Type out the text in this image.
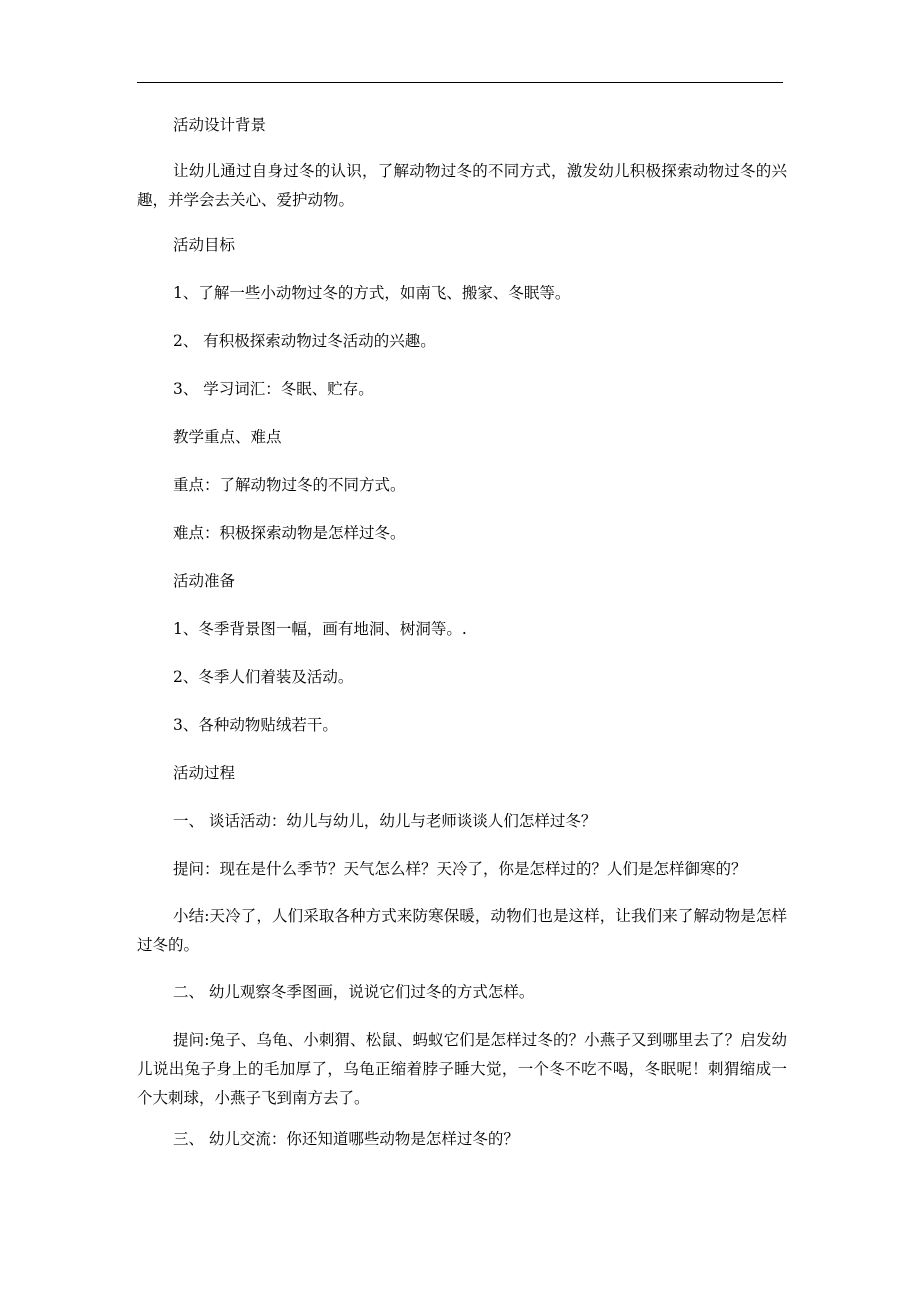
活动设计背景
让幼儿通过自身过冬的认识，了解动物过冬的不同方式，激发幼儿积极探索动物过冬的兴趣，并学会去关心、爱护动物。
活动目标
1、了解一些小动物过冬的方式，如南飞、搬家、冬眠等。
2、 有积极探索动物过冬活动的兴趣。
3、 学习词汇：冬眠、贮存。
教学重点、难点
重点：了解动物过冬的不同方式。
难点：积极探索动物是怎样过冬。
活动准备
1、冬季背景图一幅，画有地洞、树洞等。.
2、冬季人们着装及活动。
3、各种动物贴绒若干。
活动过程
一、 谈话活动：幼儿与幼儿，幼儿与老师谈谈人们怎样过冬？
提问：现在是什么季节？天气怎么样？天冷了，你是怎样过的？人们是怎样御寒的？
小结:天冷了，人们采取各种方式来防寒保暖，动物们也是这样，让我们来了解动物是怎样过冬的。
二、 幼儿观察冬季图画，说说它们过冬的方式怎样。
提问:兔子、乌龟、小刺猬、松鼠、蚂蚁它们是怎样过冬的？小燕子又到哪里去了？启发幼儿说出兔子身上的毛加厚了，乌龟正缩着脖子睡大觉，一个冬不吃不喝，冬眠呢！刺猬缩成一个大刺球，小燕子飞到南方去了。
三、 幼儿交流：你还知道哪些动物是怎样过冬的？
